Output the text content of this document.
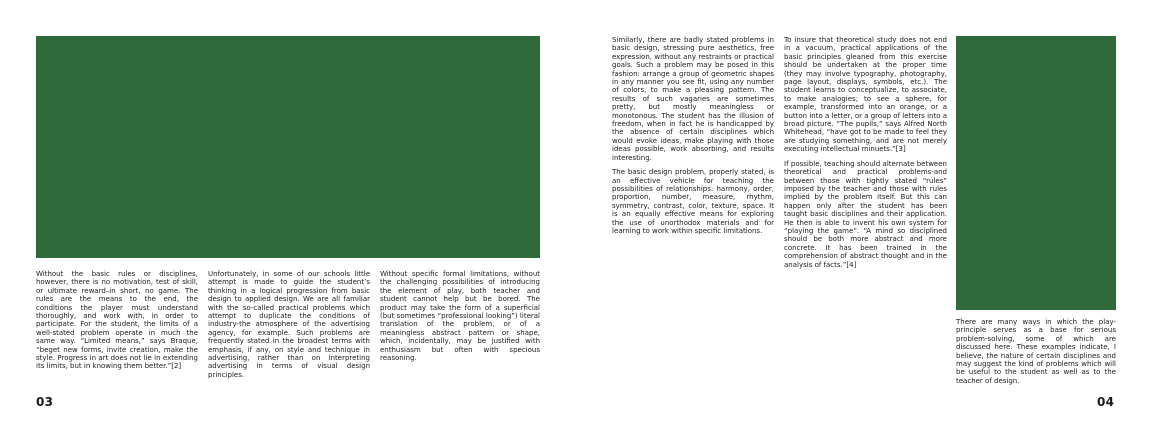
Without the basic rules or disciplines, however, there is no motivation, test of skill, or ultimate reward–in short, no game. The rules are the means to the end, the conditions the player must understand thoroughly, and work with, in order to participate. For the student, the limits of a well-stated problem operate in much the same way. “Limited means,” says Braque, “beget new forms, invite creation, make the style. Progress in art does not lie in extending its limits, but in knowing them better.”[2]

Unfortunately, in some of our schools little attempt is made to guide the student’s thinking in a logical progression from basic design to applied design. We are all familiar with the so-called practical problems which attempt to duplicate the conditions of industry-the atmosphere of the advertising agency, for example. Such problems are frequently stated in the broadest terms with emphasis, if any, on style and technique in advertising, rather than on interpreting advertising in terms of visual design principles.

Without specific formal limitations, without the challenging possibilities of introducing the element of play, both teacher and student cannot help but be bored. The product may take the form of a superficial (but sometimes “professional looking”) literal translation of the problem, or of a meaningless abstract pattern or shape, which, incidentally, may be justified with enthusiasm but often with specious reasoning.

03

Similarly, there are badly stated problems in basic design, stressing pure aesthetics, free expression, without any restraints or practical goals. Such a problem may be posed in this fashion: arrange a group of geometric shapes in any manner you see fit, using any number of colors, to make a pleasing pattern. The results of such vagaries are sometimes pretty, but mostly meaningless or monotonous. The student has the illusion of freedom, when in fact he is handicapped by the absence of certain disciplines which would evoke ideas, make playing with those ideas possible, work absorbing, and results interesting.

The basic design problem, properly stated, is an effective vehicle for teaching the possibilities of relationships: harmony, order, proportion, number, measure, rhythm, symmetry, contrast, color, texture, space. It is an equally effective means for exploring the use of unorthodox materials and for learning to work within specific limitations.

To insure that theoretical study does not end in a vacuum, practical applications of the basic principles gleaned from this exercise should be undertaken at the proper time (they may involve typography, photography, page layout, displays, symbols, etc.). The student learns to conceptualize, to associate, to make analogies; to see a sphere, for example, transformed into an orange, or a button into a letter, or a group of letters into a broad picture. “The pupils,” says Alfred North Whitehead, “have got to be made to feel they are studying something, and are not merely executing intellectual minuets.”[3]

If possible, teaching should alternate between theoretical and practical problems-and between those with tightly stated “rules” imposed by the teacher and those with rules implied by the problem itself. But this can happen only after the student has been taught basic disciplines and their application. He then is able to invent his own system for “playing the game”. “A mind so disciplined should be both more abstract and more concrete. It has been trained in the comprehension of abstract thought and in the analysis of facts.”[4]

There are many ways in which the play-principle serves as a base for serious problem-solving, some of which are discussed here. These examples indicate, I believe, the nature of certain disciplines and may suggest the kind of problems which will be useful to the student as well as to the teacher of design.

04
